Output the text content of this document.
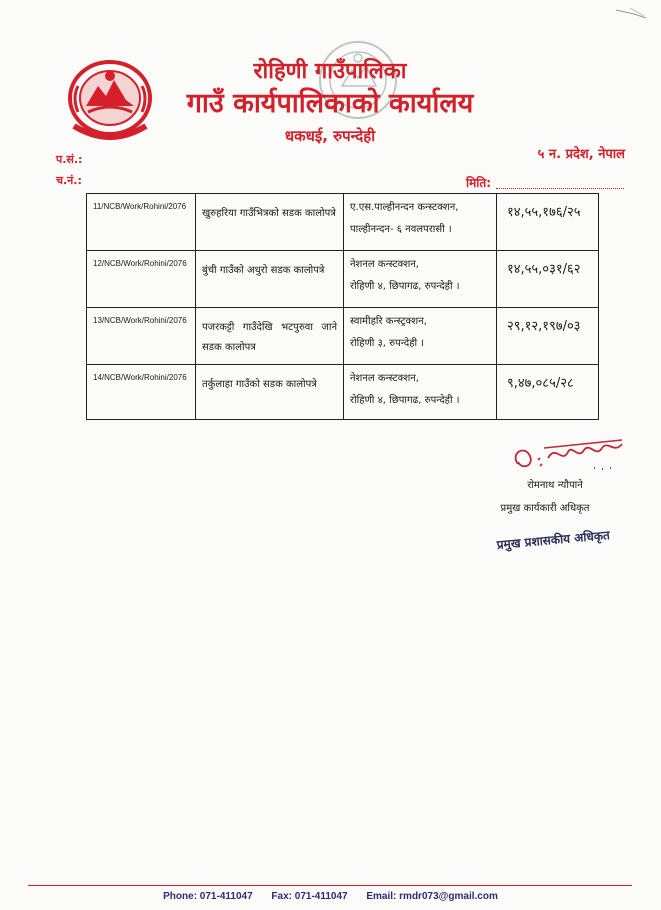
रोहिणी गाउँपालिका
गाउँ कार्यपालिकाको कार्यालय
धकधई, रुपन्देही
५ न. प्रदेश, नेपाल
प.सं.:
च.नं.:	मिति:
11/NCB/Work/Rohini/2076	खुरुहरिया गाउँभित्रको सडक कालोपत्रे	ए.एस.पाल्हीनन्दन कन्स्टक्शन,
पाल्हीनन्दन- ६ नवलपरासी ।	१४,५५,१७६/२५
12/NCB/Work/Rohini/2076	बुंची गाउँको अधुरो सडक कालोपत्रे	नेशनल कन्स्टक्शन,
रोहिणी ४, छिपागढ, रुपन्देही ।	१४,५५,०३१/६२
13/NCB/Work/Rohini/2076	पजरकट्टी गाउँदेखि भटपुरुवा जाने सडक कालोपत्र	स्वामीहरि कन्स्ट्रक्शन,
रोहिणी ३, रुपन्देही ।	२९,१२,१९७/०३
14/NCB/Work/Rohini/2076	तर्कुलाहा गाउँको सडक कालोपत्रे	नेशनल कन्स्टक्शन,
रोहिणी ४, छिपागढ, रुपन्देही ।	९,४७,०८५/२८
रोमनाथ न्यौपाने
प्रमुख कार्यकारी अधिकृत
प्रमुख प्रशासकीय अधिकृत
Phone: 071-411047 Fax: 071-411047 Email: rmdr073@gmail.com
